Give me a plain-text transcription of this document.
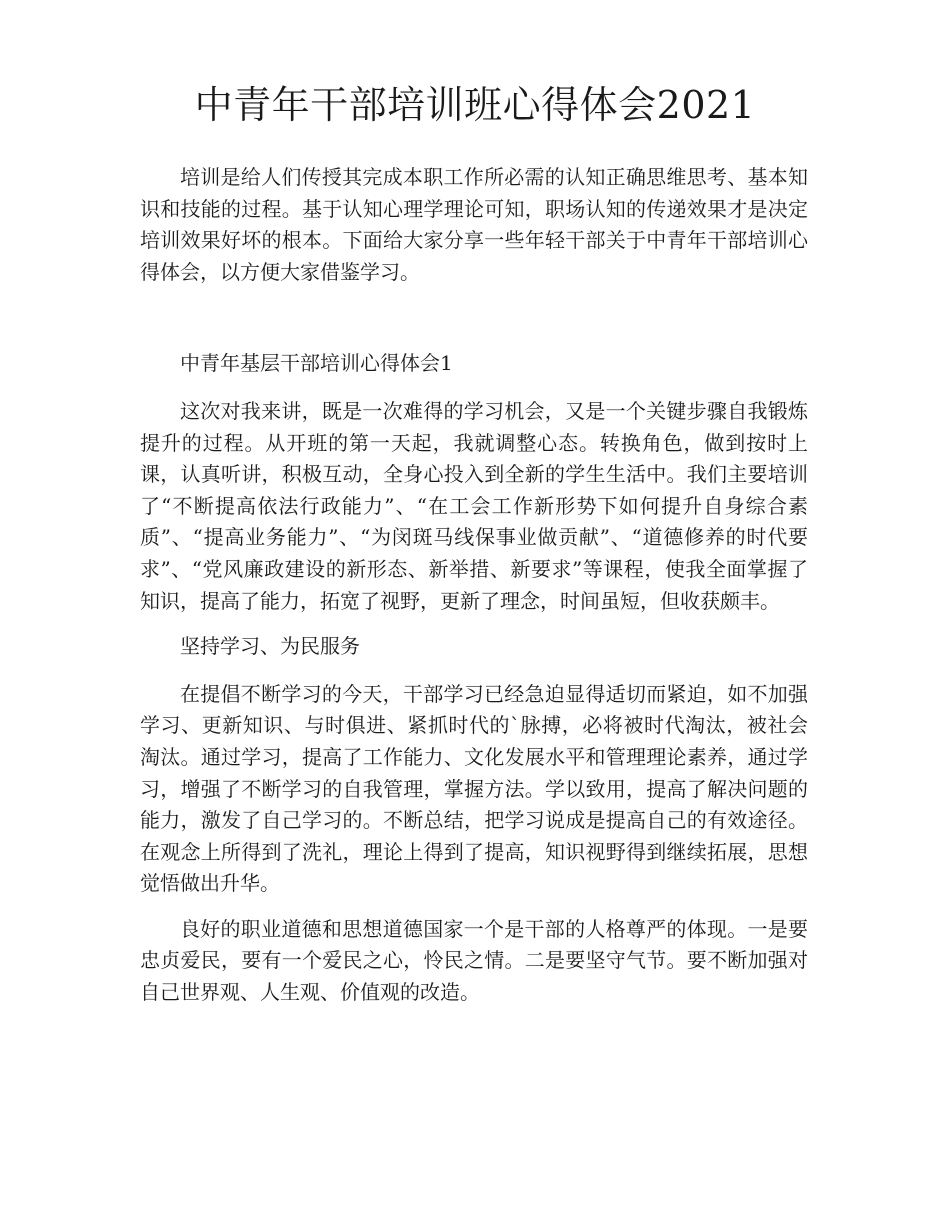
中青年干部培训班心得体会2021

培训是给人们传授其完成本职工作所必需的认知正确思维思考、基本知识和技能的过程。基于认知心理学理论可知，职场认知的传递效果才是决定培训效果好坏的根本。下面给大家分享一些年轻干部关于中青年干部培训心得体会，以方便大家借鉴学习。

中青年基层干部培训心得体会1

这次对我来讲，既是一次难得的学习机会，又是一个关键步骤自我锻炼提升的过程。从开班的第一天起，我就调整心态。转换角色，做到按时上课，认真听讲，积极互动，全身心投入到全新的学生生活中。我们主要培训了“不断提高依法行政能力”、“在工会工作新形势下如何提升自身综合素质”、“提高业务能力”、“为闵斑马线保事业做贡献”、“道德修养的时代要求”、“党风廉政建设的新形态、新举措、新要求”等课程，使我全面掌握了知识，提高了能力，拓宽了视野，更新了理念，时间虽短，但收获颇丰。

坚持学习、为民服务

在提倡不断学习的今天，干部学习已经急迫显得适切而紧迫，如不加强学习、更新知识、与时俱进、紧抓时代的`脉搏，必将被时代淘汰，被社会淘汰。通过学习，提高了工作能力、文化发展水平和管理理论素养，通过学习，增强了不断学习的自我管理，掌握方法。学以致用，提高了解决问题的能力，激发了自己学习的。不断总结，把学习说成是提高自己的有效途径。在观念上所得到了洗礼，理论上得到了提高，知识视野得到继续拓展，思想觉悟做出升华。

良好的职业道德和思想道德国家一个是干部的人格尊严的体现。一是要忠贞爱民，要有一个爱民之心，怜民之情。二是要坚守气节。要不断加强对自己世界观、人生观、价值观的改造。
